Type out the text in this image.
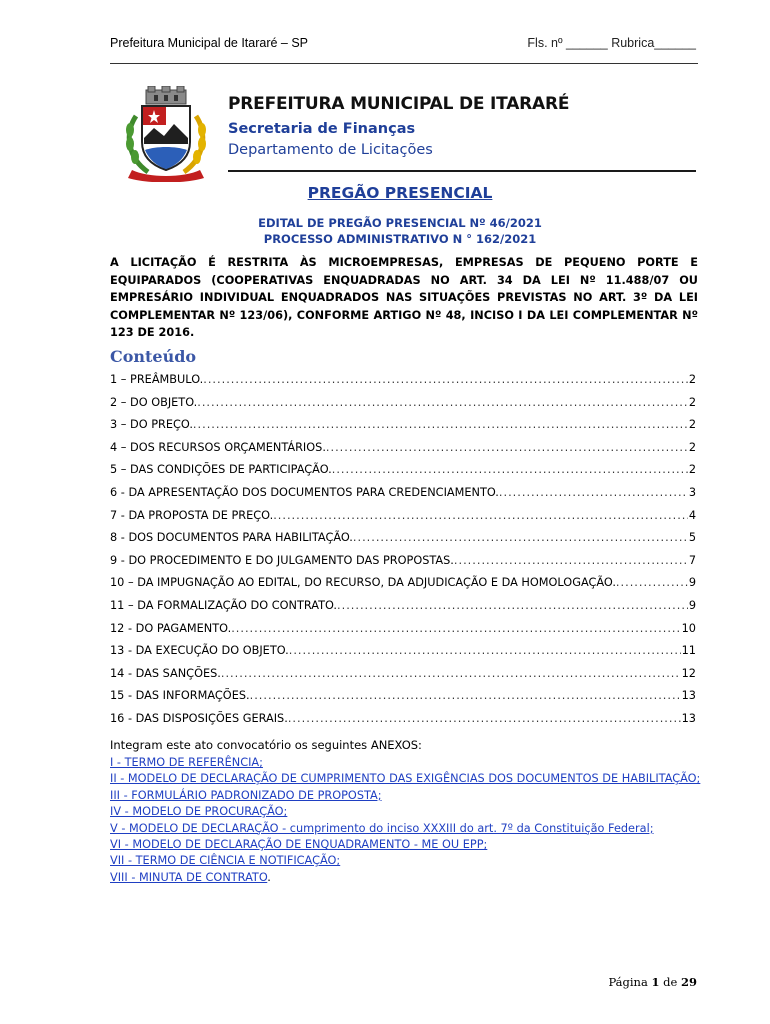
Prefeitura Municipal de Itararé – SP	Fls. nº ______ Rubrica______
PREFEITURA MUNICIPAL DE ITARARÉ
Secretaria de Finanças
Departamento de Licitações
PREGÃO PRESENCIAL
EDITAL DE PREGÃO PRESENCIAL Nº 46/2021
PROCESSO ADMINISTRATIVO N ° 162/2021
A LICITAÇÃO É RESTRITA ÀS MICROEMPRESAS, EMPRESAS DE PEQUENO PORTE E EQUIPARADOS (COOPERATIVAS ENQUADRADAS NO ART. 34 DA LEI Nº 11.488/07 OU EMPRESÁRIO INDIVIDUAL ENQUADRADOS NAS SITUAÇÕES PREVISTAS NO ART. 3º DA LEI COMPLEMENTAR Nº 123/06), CONFORME ARTIGO Nº 48, INCISO I DA LEI COMPLEMENTAR Nº 123 DE 2016.
Conteúdo
1 – PREÂMBULO. .....	2
2 – DO OBJETO. .....	2
3 – DO PREÇO. .....	2
4 – DOS RECURSOS ORÇAMENTÁRIOS. .....	2
5 – DAS CONDIÇÕES DE PARTICIPAÇÃO. .....	2
6 - DA APRESENTAÇÃO DOS DOCUMENTOS PARA CREDENCIAMENTO. .....	3
7 - DA PROPOSTA DE PREÇO. .....	4
8 - DOS DOCUMENTOS PARA HABILITAÇÃO. .....	5
9 - DO PROCEDIMENTO E DO JULGAMENTO DAS PROPOSTAS. .....	7
10 – DA IMPUGNAÇÃO AO EDITAL, DO RECURSO, DA ADJUDICAÇÃO E DA HOMOLOGAÇÃO. .....	9
11 – DA FORMALIZAÇÃO DO CONTRATO. .....	9
12 - DO PAGAMENTO. .....	10
13 - DA EXECUÇÃO DO OBJETO. .....	11
14 - DAS SANÇÕES. .....	12
15 - DAS INFORMAÇÕES. .....	13
16 - DAS DISPOSIÇÕES GERAIS. .....	13
Integram este ato convocatório os seguintes ANEXOS:
I - TERMO DE REFERÊNCIA;
II - MODELO DE DECLARAÇÃO DE CUMPRIMENTO DAS EXIGÊNCIAS DOS DOCUMENTOS DE HABILITAÇÃO;
III - FORMULÁRIO PADRONIZADO DE PROPOSTA;
IV - MODELO DE PROCURAÇÃO;
V - MODELO DE DECLARAÇÃO - cumprimento do inciso XXXIII do art. 7º da Constituição Federal;
VI - MODELO DE DECLARAÇÃO DE ENQUADRAMENTO - ME OU EPP;
VII - TERMO DE CIÊNCIA E NOTIFICAÇÃO;
VIII - MINUTA DE CONTRATO.
Página 1 de 29
